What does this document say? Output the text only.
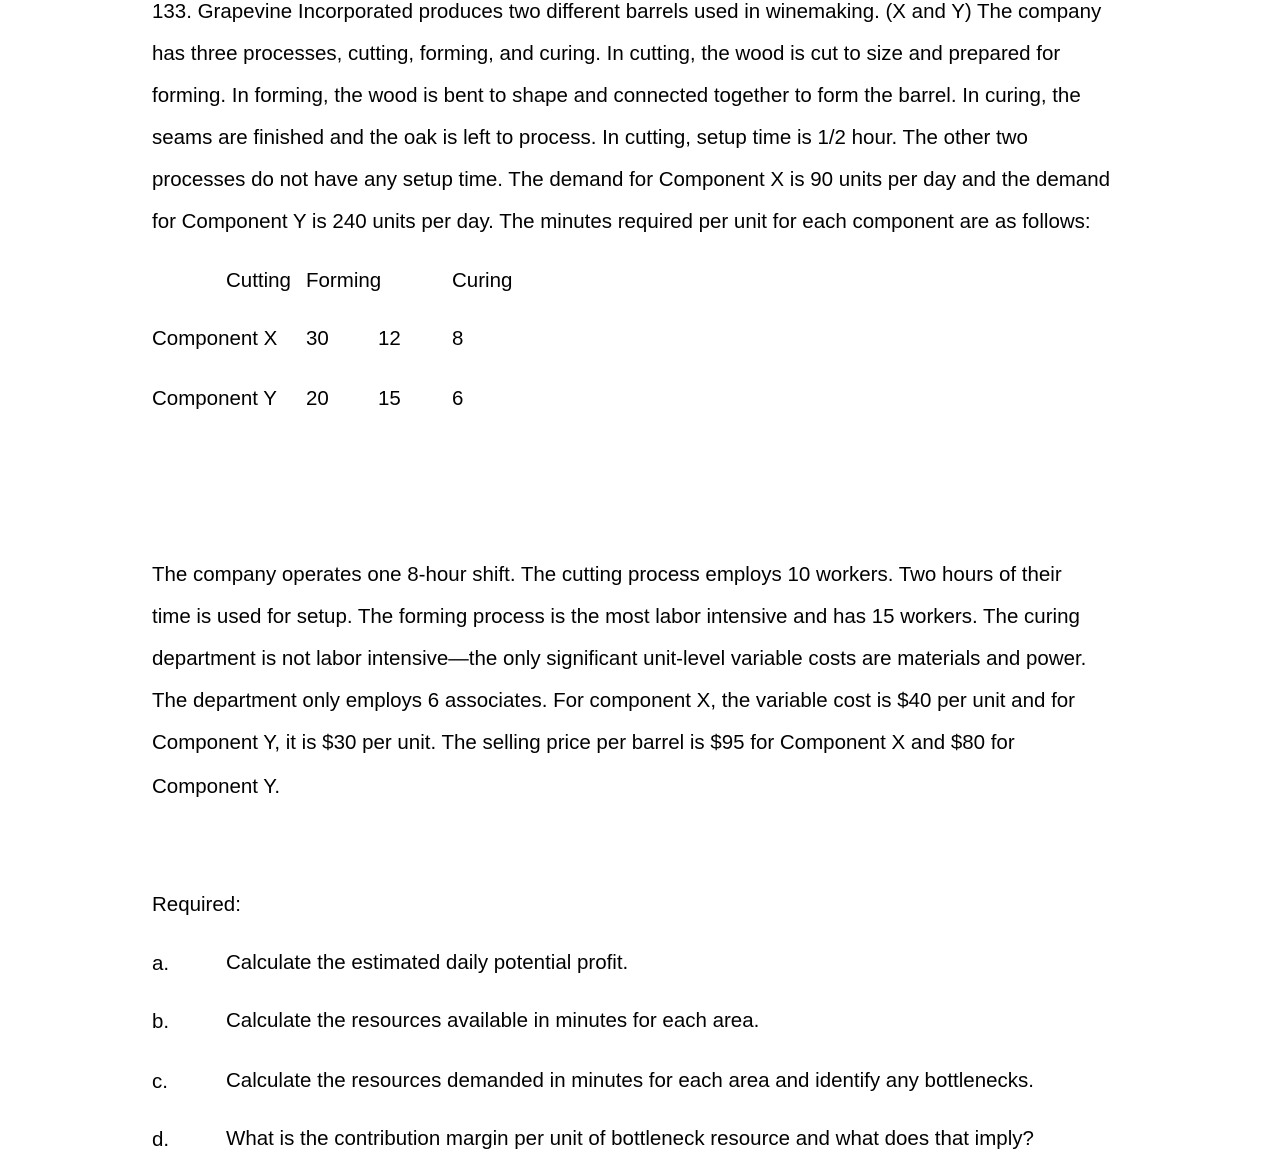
133. Grapevine Incorporated produces two different barrels used in winemaking. (X and Y) The company
has three processes, cutting, forming, and curing. In cutting, the wood is cut to size and prepared for
forming. In forming, the wood is bent to shape and connected together to form the barrel. In curing, the
seams are finished and the oak is left to process. In cutting, setup time is 1/2 hour. The other two
processes do not have any setup time. The demand for Component X is 90 units per day and the demand
for Component Y is 240 units per day. The minutes required per unit for each component are as follows:
Cutting Forming	Curing
Component X 30 12 8
Component Y 20 15 6
The company operates one 8-hour shift. The cutting process employs 10 workers. Two hours of their
time is used for setup. The forming process is the most labor intensive and has 15 workers. The curing
department is not labor intensive—the only significant unit-level variable costs are materials and power.
The department only employs 6 associates. For component X, the variable cost is $40 per unit and for
Component Y, it is $30 per unit. The selling price per barrel is $95 for Component X and $80 for
Component Y.
Required:
a.	Calculate the estimated daily potential profit.
b.	Calculate the resources available in minutes for each area.
c.	Calculate the resources demanded in minutes for each area and identify any bottlenecks.
d.	What is the contribution margin per unit of bottleneck resource and what does that imply?
